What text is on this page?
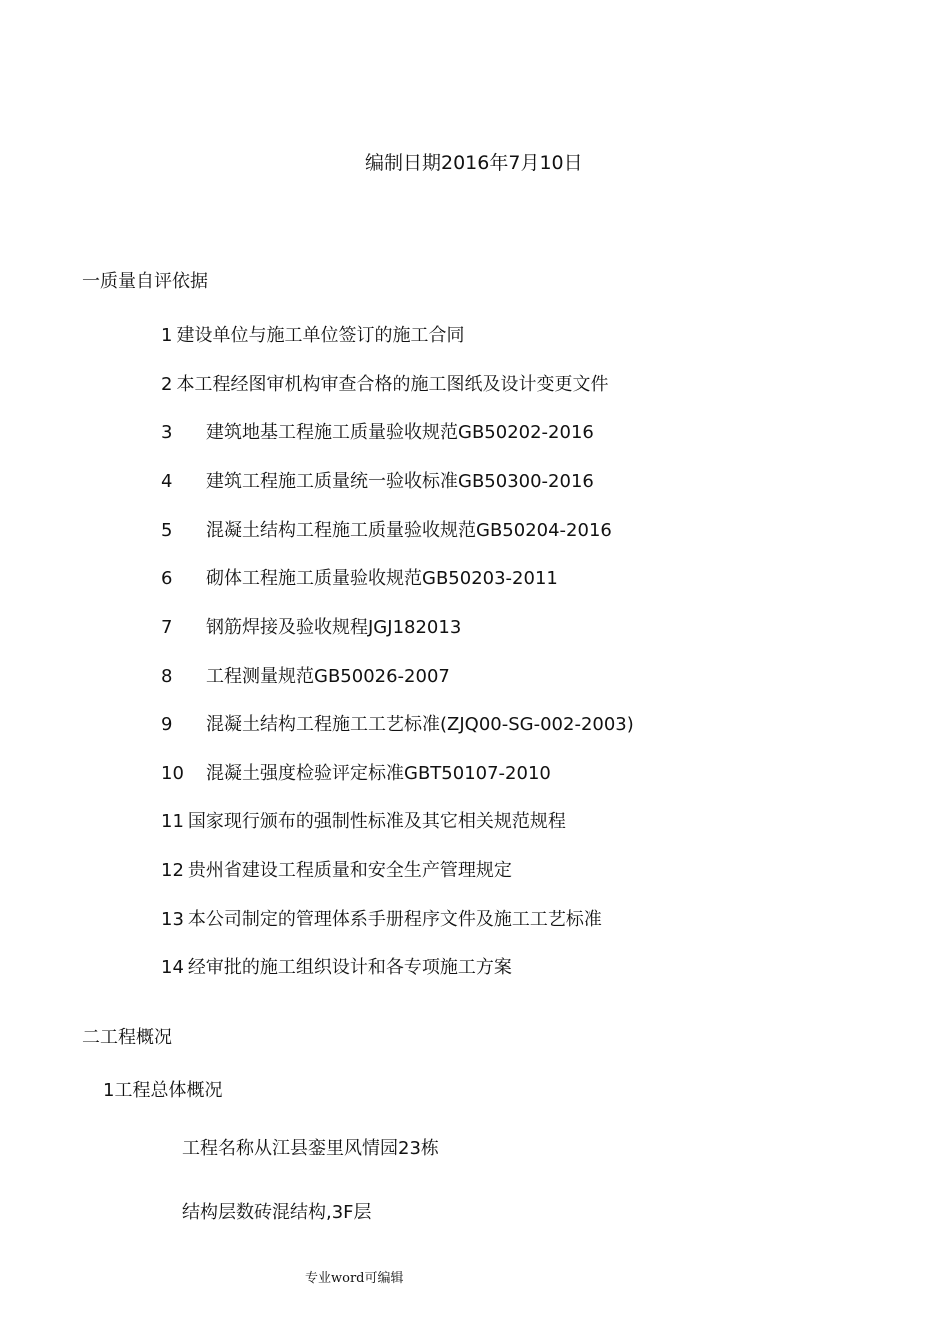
编制日期2016年7月10日
一质量自评依据
1 建设单位与施工单位签订的施工合同
2 本工程经图审机构审查合格的施工图纸及设计变更文件
3 建筑地基工程施工质量验收规范GB50202-2016
4 建筑工程施工质量统一验收标准GB50300-2016
5 混凝土结构工程施工质量验收规范GB50204-2016
6 砌体工程施工质量验收规范GB50203-2011
7 钢筋焊接及验收规程JGJ182013
8 工程测量规范GB50026-2007
9 混凝土结构工程施工工艺标准(ZJQ00-SG-002-2003)
10 混凝土强度检验评定标准GBT50107-2010
11 国家现行颁布的强制性标准及其它相关规范规程
12 贵州省建设工程质量和安全生产管理规定
13 本公司制定的管理体系手册程序文件及施工工艺标准
14 经审批的施工组织设计和各专项施工方案
二工程概况
1工程总体概况
工程名称从江县銮里风情园23栋
结构层数砖混结构,3F层
专业word可编辑
